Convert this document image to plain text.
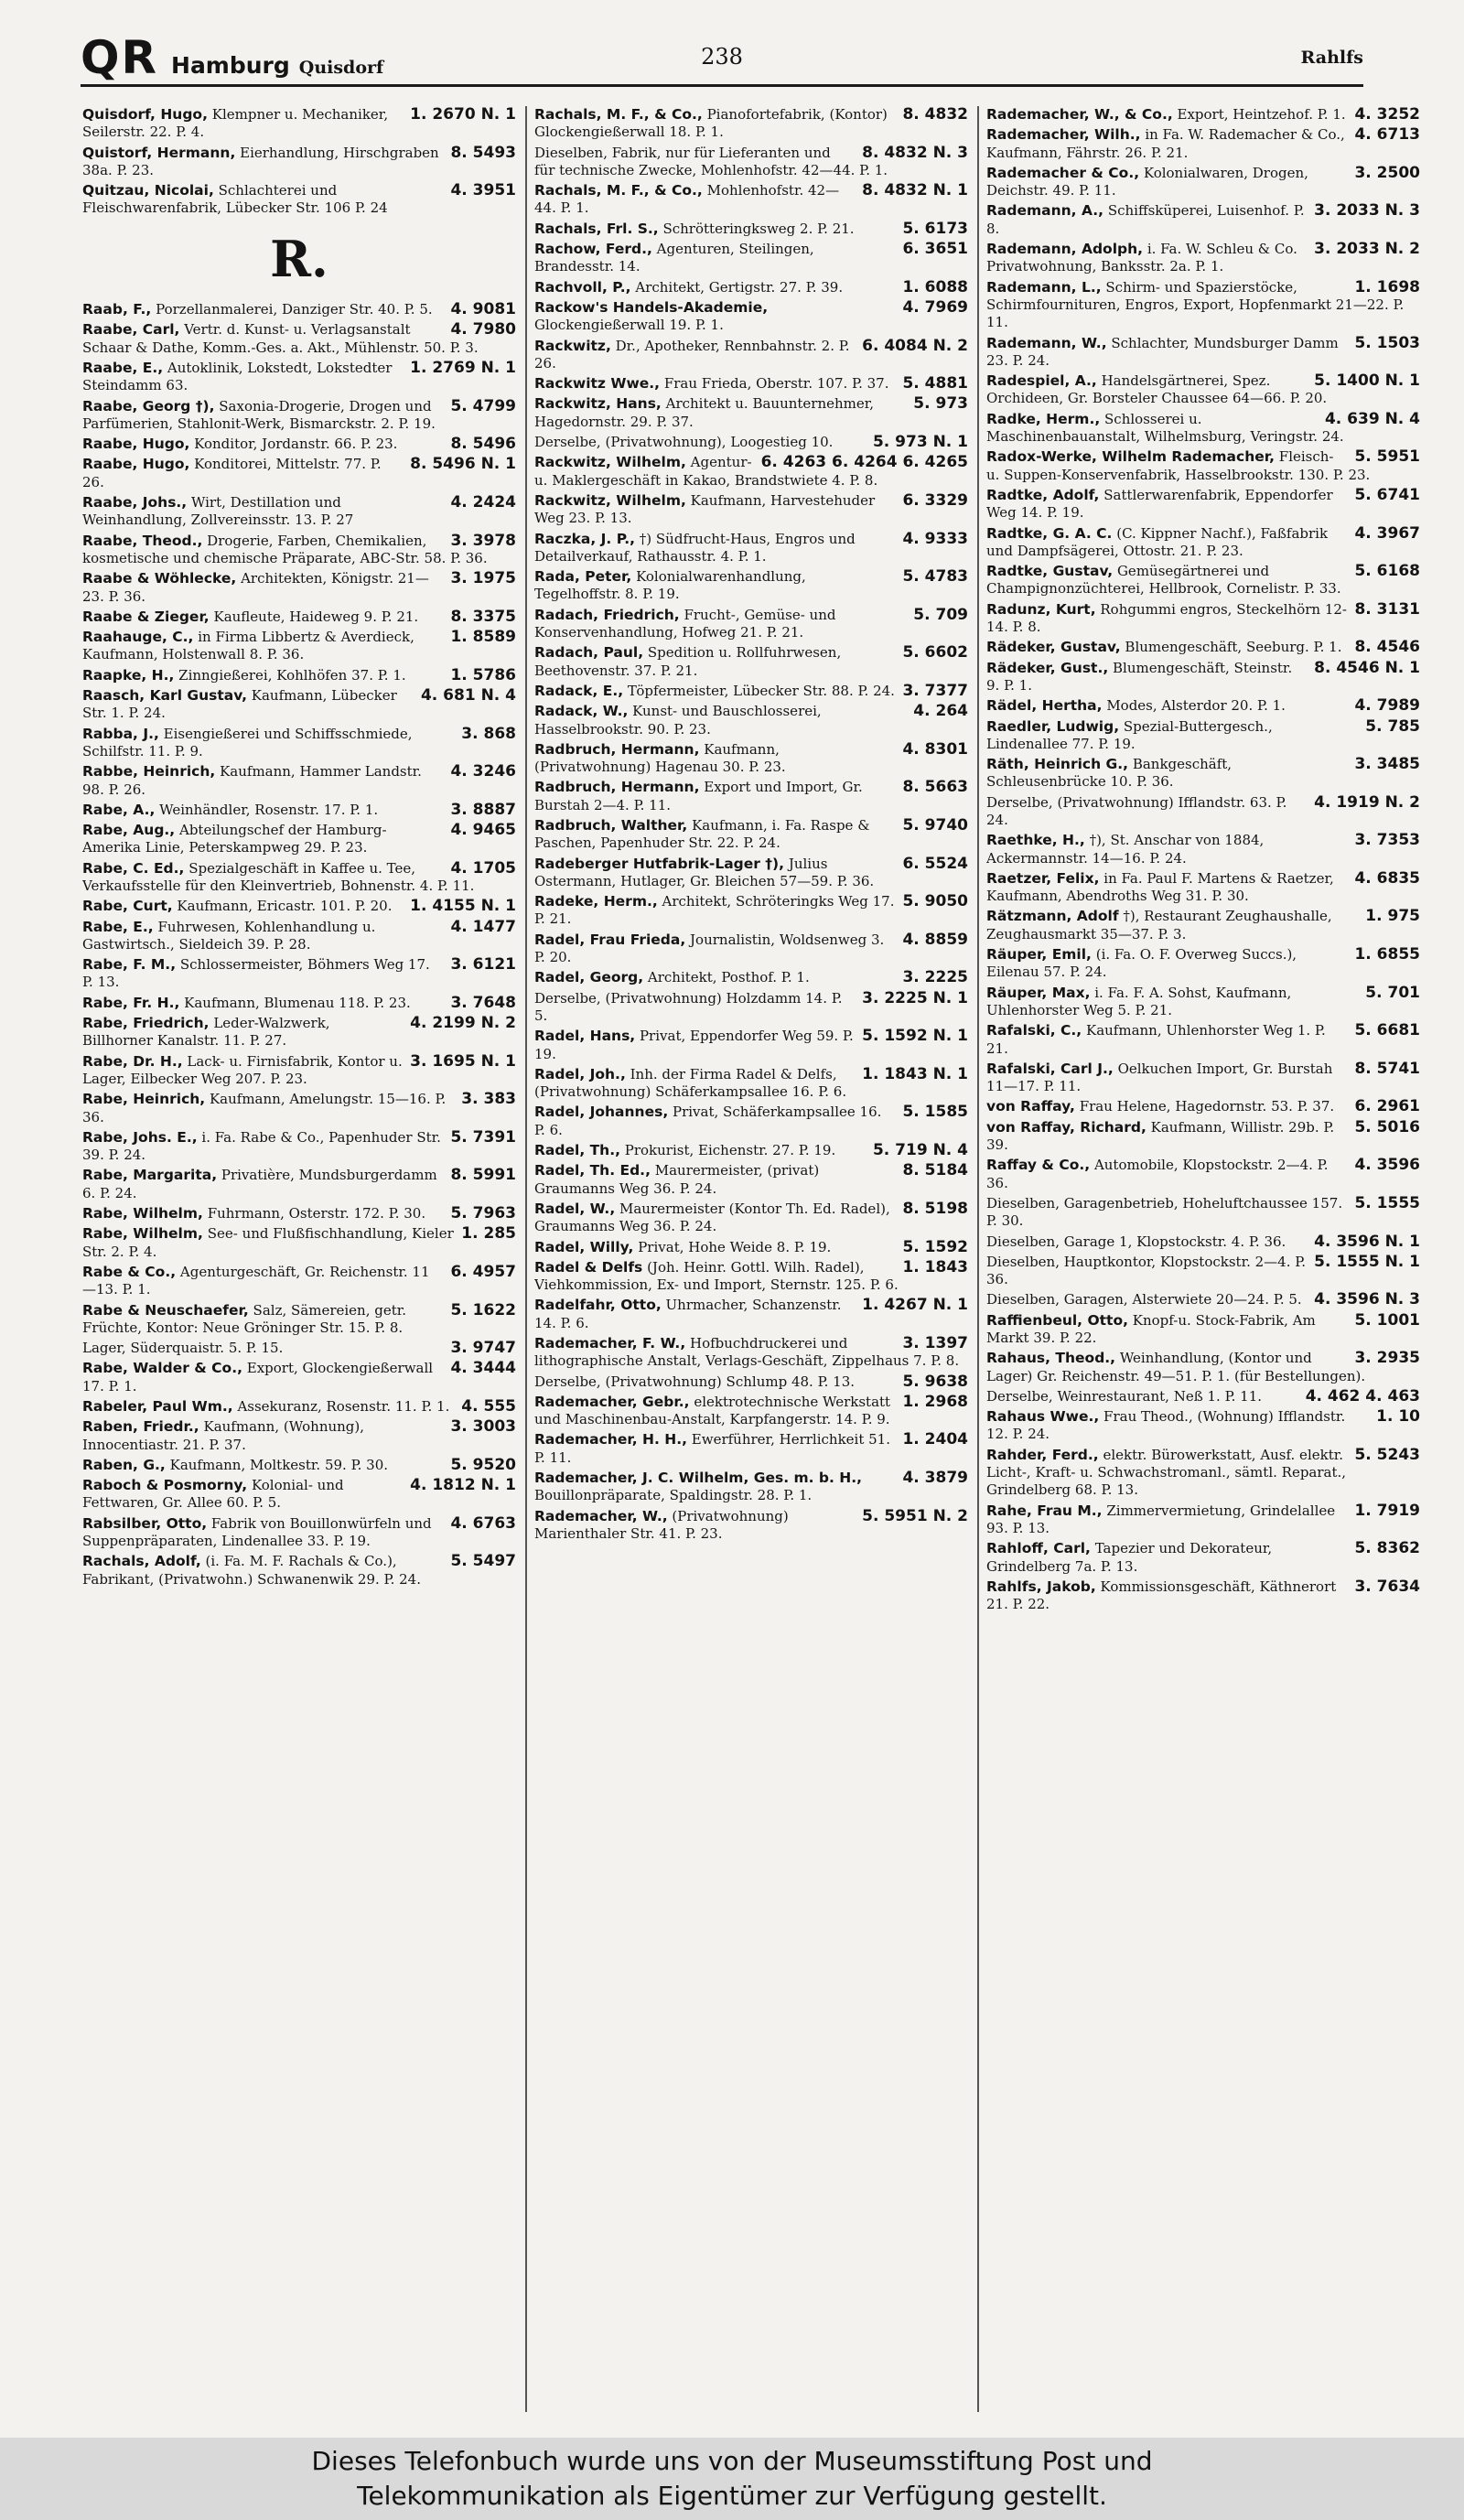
QR Hamburg Quisdorf	238	Rahlfs
1. 2670 N. 1
Quisdorf, Hugo, Klempner u. Mechaniker, Seilerstr. 22. P. 4.
8. 5493
Quistorf, Hermann, Eierhandlung, Hirschgraben 38a. P. 23.
4. 3951
Quitzau, Nicolai, Schlachterei und Fleischwarenfabrik, Lübecker Str. 106 P. 24
R.
4. 9081
Raab, F., Porzellanmalerei, Danziger Str. 40. P. 5.
4. 7980
Raabe, Carl, Vertr. d. Kunst- u. Verlagsanstalt Schaar & Dathe, Komm.-Ges. a. Akt., Mühlenstr. 50. P. 3.
1. 2769 N. 1
Raabe, E., Autoklinik, Lokstedt, Lokstedter Steindamm 63.
5. 4799
Raabe, Georg †), Saxonia-Drogerie, Drogen und Parfümerien, Stahlonit-Werk, Bismarckstr. 2. P. 19.
8. 5496
Raabe, Hugo, Konditor, Jordanstr. 66. P. 23.
8. 5496 N. 1
Raabe, Hugo, Konditorei, Mittelstr. 77. P. 26.
4. 2424
Raabe, Johs., Wirt, Destillation und Weinhandlung, Zollvereinsstr. 13. P. 27
3. 3978
Raabe, Theod., Drogerie, Farben, Chemikalien, kosmetische und chemische Präparate, ABC-Str. 58. P. 36.
3. 1975
Raabe & Wöhlecke, Architekten, Königstr. 21—23. P. 36.
8. 3375
Raabe & Zieger, Kaufleute, Haideweg 9. P. 21.
1. 8589
Raahauge, C., in Firma Libbertz & Averdieck, Kaufmann, Holstenwall 8. P. 36.
1. 5786
Raapke, H., Zinngießerei, Kohlhöfen 37. P. 1.
4. 681 N. 4
Raasch, Karl Gustav, Kaufmann, Lübecker Str. 1. P. 24.
3. 868
Rabba, J., Eisengießerei und Schiffsschmiede, Schilfstr. 11. P. 9.
4. 3246
Rabbe, Heinrich, Kaufmann, Hammer Landstr. 98. P. 26.
3. 8887
Rabe, A., Weinhändler, Rosenstr. 17. P. 1.
4. 9465
Rabe, Aug., Abteilungschef der Hamburg-Amerika Linie, Peterskampweg 29. P. 23.
4. 1705
Rabe, C. Ed., Spezialgeschäft in Kaffee u. Tee, Verkaufsstelle für den Kleinvertrieb, Bohnenstr. 4. P. 11.
1. 4155 N. 1
Rabe, Curt, Kaufmann, Ericastr. 101. P. 20.
4. 1477
Rabe, E., Fuhrwesen, Kohlenhandlung u. Gastwirtsch., Sieldeich 39. P. 28.
3. 6121
Rabe, F. M., Schlossermeister, Böhmers Weg 17. P. 13.
3. 7648
Rabe, Fr. H., Kaufmann, Blumenau 118. P. 23.
4. 2199 N. 2
Rabe, Friedrich, Leder-Walzwerk, Billhorner Kanalstr. 11. P. 27.
3. 1695 N. 1
Rabe, Dr. H., Lack- u. Firnisfabrik, Kontor u. Lager, Eilbecker Weg 207. P. 23.
3. 383
Rabe, Heinrich, Kaufmann, Amelungstr. 15—16. P. 36.
5. 7391
Rabe, Johs. E., i. Fa. Rabe & Co., Papenhuder Str. 39. P. 24.
8. 5991
Rabe, Margarita, Privatière, Mundsburgerdamm 6. P. 24.
5. 7963
Rabe, Wilhelm, Fuhrmann, Osterstr. 172. P. 30.
1. 285
Rabe, Wilhelm, See- und Flußfischhandlung, Kieler Str. 2. P. 4.
6. 4957
Rabe & Co., Agenturgeschäft, Gr. Reichenstr. 11—13. P. 1.
5. 1622
Rabe & Neuschaefer, Salz, Sämereien, getr. Früchte, Kontor: Neue Gröninger Str. 15. P. 8.
3. 9747
Lager, Süderquaistr. 5. P. 15.
4. 3444
Rabe, Walder & Co., Export, Glockengießerwall 17. P. 1.
4. 555
Rabeler, Paul Wm., Assekuranz, Rosenstr. 11. P. 1.
3. 3003
Raben, Friedr., Kaufmann, (Wohnung), Innocentiastr. 21. P. 37.
5. 9520
Raben, G., Kaufmann, Moltkestr. 59. P. 30.
4. 1812 N. 1
Raboch & Posmorny, Kolonial- und Fettwaren, Gr. Allee 60. P. 5.
4. 6763
Rabsilber, Otto, Fabrik von Bouillonwürfeln und Suppenpräparaten, Lindenallee 33. P. 19.
5. 5497
Rachals, Adolf, (i. Fa. M. F. Rachals & Co.), Fabrikant, (Privatwohn.) Schwanenwik 29. P. 24.
8. 4832
Rachals, M. F., & Co., Pianofortefabrik, (Kontor) Glockengießerwall 18. P. 1.
8. 4832 N. 3
Dieselben, Fabrik, nur für Lieferanten und für technische Zwecke, Mohlenhofstr. 42—44. P. 1.
8. 4832 N. 1
Rachals, M. F., & Co., Mohlenhofstr. 42—44. P. 1.
5. 6173
Rachals, Frl. S., Schrötteringksweg 2. P. 21.
6. 3651
Rachow, Ferd., Agenturen, Steilingen, Brandesstr. 14.
1. 6088
Rachvoll, P., Architekt, Gertigstr. 27. P. 39.
4. 7969
Rackow's Handels-Akademie, Glockengießerwall 19. P. 1.
6. 4084 N. 2
Rackwitz, Dr., Apotheker, Rennbahnstr. 2. P. 26.
5. 4881
Rackwitz Wwe., Frau Frieda, Oberstr. 107. P. 37.
5. 973
Rackwitz, Hans, Architekt u. Bauunternehmer, Hagedornstr. 29. P. 37.
5. 973 N. 1
Derselbe, (Privatwohnung), Loogestieg 10.
6. 4263 6. 4264 6. 4265
Rackwitz, Wilhelm, Agentur- u. Maklergeschäft in Kakao, Brandstwiete 4. P. 8.
6. 3329
Rackwitz, Wilhelm, Kaufmann, Harvestehuder Weg 23. P. 13.
4. 9333
Raczka, J. P., †) Südfrucht-Haus, Engros und Detailverkauf, Rathausstr. 4. P. 1.
5. 4783
Rada, Peter, Kolonialwarenhandlung, Tegelhoffstr. 8. P. 19.
5. 709
Radach, Friedrich, Frucht-, Gemüse- und Konservenhandlung, Hofweg 21. P. 21.
5. 6602
Radach, Paul, Spedition u. Rollfuhrwesen, Beethovenstr. 37. P. 21.
3. 7377
Radack, E., Töpfermeister, Lübecker Str. 88. P. 24.
4. 264
Radack, W., Kunst- und Bauschlosserei, Hasselbrookstr. 90. P. 23.
4. 8301
Radbruch, Hermann, Kaufmann, (Privatwohnung) Hagenau 30. P. 23.
8. 5663
Radbruch, Hermann, Export und Import, Gr. Burstah 2—4. P. 11.
5. 9740
Radbruch, Walther, Kaufmann, i. Fa. Raspe & Paschen, Papenhuder Str. 22. P. 24.
6. 5524
Radeberger Hutfabrik-Lager †), Julius Ostermann, Hutlager, Gr. Bleichen 57—59. P. 36.
5. 9050
Radeke, Herm., Architekt, Schröteringks Weg 17. P. 21.
4. 8859
Radel, Frau Frieda, Journalistin, Woldsenweg 3. P. 20.
3. 2225
Radel, Georg, Architekt, Posthof. P. 1.
3. 2225 N. 1
Derselbe, (Privatwohnung) Holzdamm 14. P. 5.
5. 1592 N. 1
Radel, Hans, Privat, Eppendorfer Weg 59. P. 19.
1. 1843 N. 1
Radel, Joh., Inh. der Firma Radel & Delfs, (Privatwohnung) Schäferkampsallee 16. P. 6.
5. 1585
Radel, Johannes, Privat, Schäferkampsallee 16. P. 6.
5. 719 N. 4
Radel, Th., Prokurist, Eichenstr. 27. P. 19.
8. 5184
Radel, Th. Ed., Maurermeister, (privat) Graumanns Weg 36. P. 24.
8. 5198
Radel, W., Maurermeister (Kontor Th. Ed. Radel), Graumanns Weg 36. P. 24.
5. 1592
Radel, Willy, Privat, Hohe Weide 8. P. 19.
1. 1843
Radel & Delfs (Joh. Heinr. Gottl. Wilh. Radel), Viehkommission, Ex- und Import, Sternstr. 125. P. 6.
1. 4267 N. 1
Radelfahr, Otto, Uhrmacher, Schanzenstr. 14. P. 6.
3. 1397
Rademacher, F. W., Hofbuchdruckerei und lithographische Anstalt, Verlags-Geschäft, Zippelhaus 7. P. 8.
5. 9638
Derselbe, (Privatwohnung) Schlump 48. P. 13.
1. 2968
Rademacher, Gebr., elektrotechnische Werkstatt und Maschinenbau-Anstalt, Karpfangerstr. 14. P. 9.
1. 2404
Rademacher, H. H., Ewerführer, Herrlichkeit 51. P. 11.
4. 3879
Rademacher, J. C. Wilhelm, Ges. m. b. H., Bouillonpräparate, Spaldingstr. 28. P. 1.
5. 5951 N. 2
Rademacher, W., (Privatwohnung) Marienthaler Str. 41. P. 23.
4. 3252
Rademacher, W., & Co., Export, Heintzehof. P. 1.
4. 6713
Rademacher, Wilh., in Fa. W. Rademacher & Co., Kaufmann, Fährstr. 26. P. 21.
3. 2500
Rademacher & Co., Kolonialwaren, Drogen, Deichstr. 49. P. 11.
3. 2033 N. 3
Rademann, A., Schiffsküperei, Luisenhof. P. 8.
3. 2033 N. 2
Rademann, Adolph, i. Fa. W. Schleu & Co. Privatwohnung, Banksstr. 2a. P. 1.
1. 1698
Rademann, L., Schirm- und Spazierstöcke, Schirmfournituren, Engros, Export, Hopfenmarkt 21—22. P. 11.
5. 1503
Rademann, W., Schlachter, Mundsburger Damm 23. P. 24.
5. 1400 N. 1
Radespiel, A., Handelsgärtnerei, Spez. Orchideen, Gr. Borsteler Chaussee 64—66. P. 20.
4. 639 N. 4
Radke, Herm., Schlosserei u. Maschinenbauanstalt, Wilhelmsburg, Veringstr. 24.
5. 5951
Radox-Werke, Wilhelm Rademacher, Fleisch- u. Suppen-Konservenfabrik, Hasselbrookstr. 130. P. 23.
5. 6741
Radtke, Adolf, Sattlerwarenfabrik, Eppendorfer Weg 14. P. 19.
4. 3967
Radtke, G. A. C. (C. Kippner Nachf.), Faßfabrik und Dampfsägerei, Ottostr. 21. P. 23.
5. 6168
Radtke, Gustav, Gemüsegärtnerei und Champignonzüchterei, Hellbrook, Cornelistr. P. 33.
8. 3131
Radunz, Kurt, Rohgummi engros, Steckelhörn 12-14. P. 8.
8. 4546
Rädeker, Gustav, Blumengeschäft, Seeburg. P. 1.
8. 4546 N. 1
Rädeker, Gust., Blumengeschäft, Steinstr. 9. P. 1.
4. 7989
Rädel, Hertha, Modes, Alsterdor 20. P. 1.
5. 785
Raedler, Ludwig, Spezial-Buttergesch., Lindenallee 77. P. 19.
3. 3485
Räth, Heinrich G., Bankgeschäft, Schleusenbrücke 10. P. 36.
4. 1919 N. 2
Derselbe, (Privatwohnung) Ifflandstr. 63. P. 24.
3. 7353
Raethke, H., †), St. Anschar von 1884, Ackermannstr. 14—16. P. 24.
4. 6835
Raetzer, Felix, in Fa. Paul F. Martens & Raetzer, Kaufmann, Abendroths Weg 31. P. 30.
1. 975
Rätzmann, Adolf †), Restaurant Zeughaushalle, Zeughausmarkt 35—37. P. 3.
1. 6855
Räuper, Emil, (i. Fa. O. F. Overweg Succs.), Eilenau 57. P. 24.
5. 701
Räuper, Max, i. Fa. F. A. Sohst, Kaufmann, Uhlenhorster Weg 5. P. 21.
5. 6681
Rafalski, C., Kaufmann, Uhlenhorster Weg 1. P. 21.
8. 5741
Rafalski, Carl J., Oelkuchen Import, Gr. Burstah 11—17. P. 11.
6. 2961
von Raffay, Frau Helene, Hagedornstr. 53. P. 37.
5. 5016
von Raffay, Richard, Kaufmann, Willistr. 29b. P. 39.
4. 3596
Raffay & Co., Automobile, Klopstockstr. 2—4. P. 36.
5. 1555
Dieselben, Garagenbetrieb, Hoheluftchaussee 157. P. 30.
4. 3596 N. 1
Dieselben, Garage 1, Klopstockstr. 4. P. 36.
5. 1555 N. 1
Dieselben, Hauptkontor, Klopstockstr. 2—4. P. 36.
4. 3596 N. 3
Dieselben, Garagen, Alsterwiete 20—24. P. 5.
5. 1001
Raffienbeul, Otto, Knopf-u. Stock-Fabrik, Am Markt 39. P. 22.
3. 2935
Rahaus, Theod., Weinhandlung, (Kontor und Lager) Gr. Reichenstr. 49—51. P. 1. (für Bestellungen).
4. 462 4. 463
Derselbe, Weinrestaurant, Neß 1. P. 11.
1. 10
Rahaus Wwe., Frau Theod., (Wohnung) Ifflandstr. 12. P. 24.
5. 5243
Rahder, Ferd., elektr. Bürowerkstatt, Ausf. elektr. Licht-, Kraft- u. Schwachstromanl., sämtl. Reparat., Grindelberg 68. P. 13.
1. 7919
Rahe, Frau M., Zimmervermietung, Grindelallee 93. P. 13.
5. 8362
Rahloff, Carl, Tapezier und Dekorateur, Grindelberg 7a. P. 13.
3. 7634
Rahlfs, Jakob, Kommissionsgeschäft, Käthnerort 21. P. 22.
Dieses Telefonbuch wurde uns von der Museumsstiftung Post und
Telekommunikation als Eigentümer zur Verfügung gestellt.
